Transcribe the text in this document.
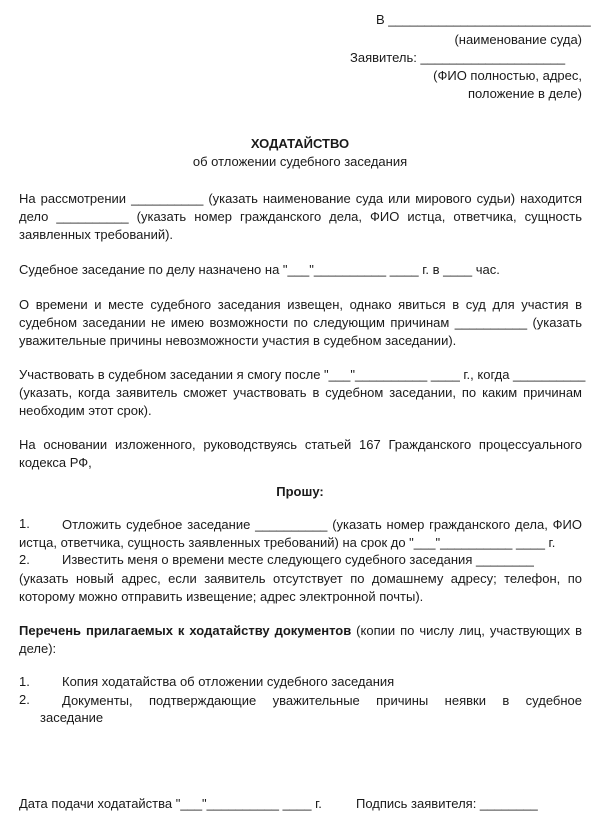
В ____________________________
(наименование суда)
Заявитель: ____________________
(ФИО полностью, адрес,
положение в деле)
ХОДАТАЙСТВО
об отложении судебного заседания
На рассмотрении __________ (указать наименование суда или мирового судьи) находится
дело __________ (указать номер гражданского дела, ФИО истца, ответчика, сущность
заявленных требований).
Судебное заседание по делу назначено на "___"__________ ____ г. в ____ час.
О времени и месте судебного заседания извещен, однако явиться в суд для участия в
судебном заседании не имею возможности по следующим причинам __________ (указать
уважительные причины невозможности участия в судебном заседании).
Участвовать в судебном заседании я смогу после "___"__________ ____ г., когда __________
(указать, когда заявитель сможет участвовать в судебном заседании, по каким причинам
необходим этот срок).
На основании изложенного, руководствуясь статьей 167 Гражданского процессуального
кодекса РФ,
Прошу:
1. Отложить судебное заседание __________ (указать номер гражданского дела, ФИО
истца, ответчика, сущность заявленных требований) на срок до "___"__________ ____ г.
2. Известить меня о времени месте следующего судебного заседания ________
(указать новый адрес, если заявитель отсутствует по домашнему адресу; телефон, по
которому можно отправить извещение; адрес электронной почты).
Перечень прилагаемых к ходатайству документов (копии по числу лиц, участвующих в
деле):
1. Копия ходатайства об отложении судебного заседания
2. Документы, подтверждающие уважительные причины неявки в судебное
заседание
Дата подачи ходатайства "___"__________ ____ г.	Подпись заявителя: ________
